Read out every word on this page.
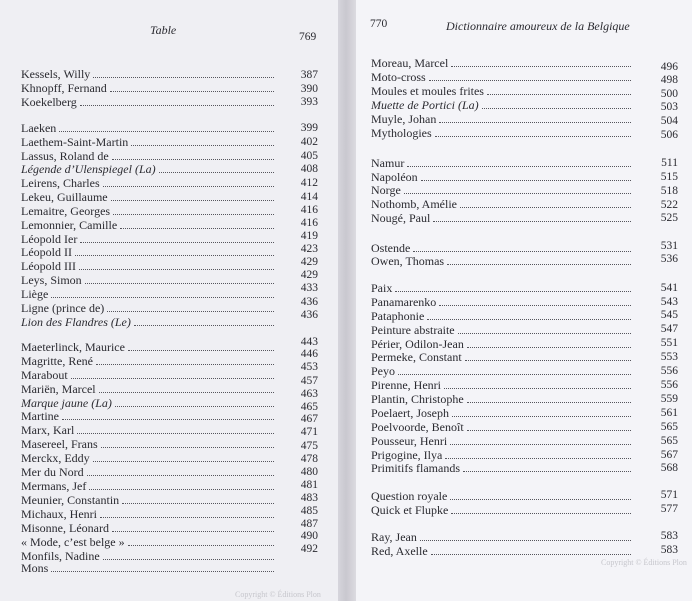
Table	769
Kessels, Willy
Khnopff, Fernand
Koekelberg
Laeken
Laethem-Saint-Martin
Lassus, Roland de
Légende d’Ulenspiegel (La)
Leirens, Charles
Lekeu, Guillaume
Lemaitre, Georges
Lemonnier, Camille
Léopold Ier
Léopold II
Léopold III
Leys, Simon
Liège
Ligne (prince de)
Lion des Flandres (Le)
Maeterlinck, Maurice
Magritte, René
Marabout
Mariën, Marcel
Marque jaune (La)
Martine
Marx, Karl
Masereel, Frans
Merckx, Eddy
Mer du Nord
Mermans, Jef
Meunier, Constantin
Michaux, Henri
Misonne, Léonard
« Mode, c’est belge »
Monfils, Nadine
Mons
387
390
393
399
402
405
408
412
414
416
416
419
423
429
429
433
436
436
443
446
453
457
463
465
467
471
475
478
480
481
483
485
487
490
492
Copyright © Éditions Plon
770	Dictionnaire amoureux de la Belgique
Moreau, Marcel
Moto-cross
Moules et moules frites
Muette de Portici (La)
Muyle, Johan
Mythologies
Namur
Napoléon
Norge
Nothomb, Amélie
Nougé, Paul
Ostende
Owen, Thomas
Paix
Panamarenko
Pataphonie
Peinture abstraite
Périer, Odilon-Jean
Permeke, Constant
Peyo
Pirenne, Henri
Plantin, Christophe
Poelaert, Joseph
Poelvoorde, Benoît
Pousseur, Henri
Prigogine, Ilya
Primitifs flamands
Question royale
Quick et Flupke
Ray, Jean
Red, Axelle
496
498
500
503
504
506
511
515
518
522
525
531
536
541
543
545
547
551
553
556
556
559
561
565
565
567
568
571
577
583
583
Copyright © Éditions Plon
